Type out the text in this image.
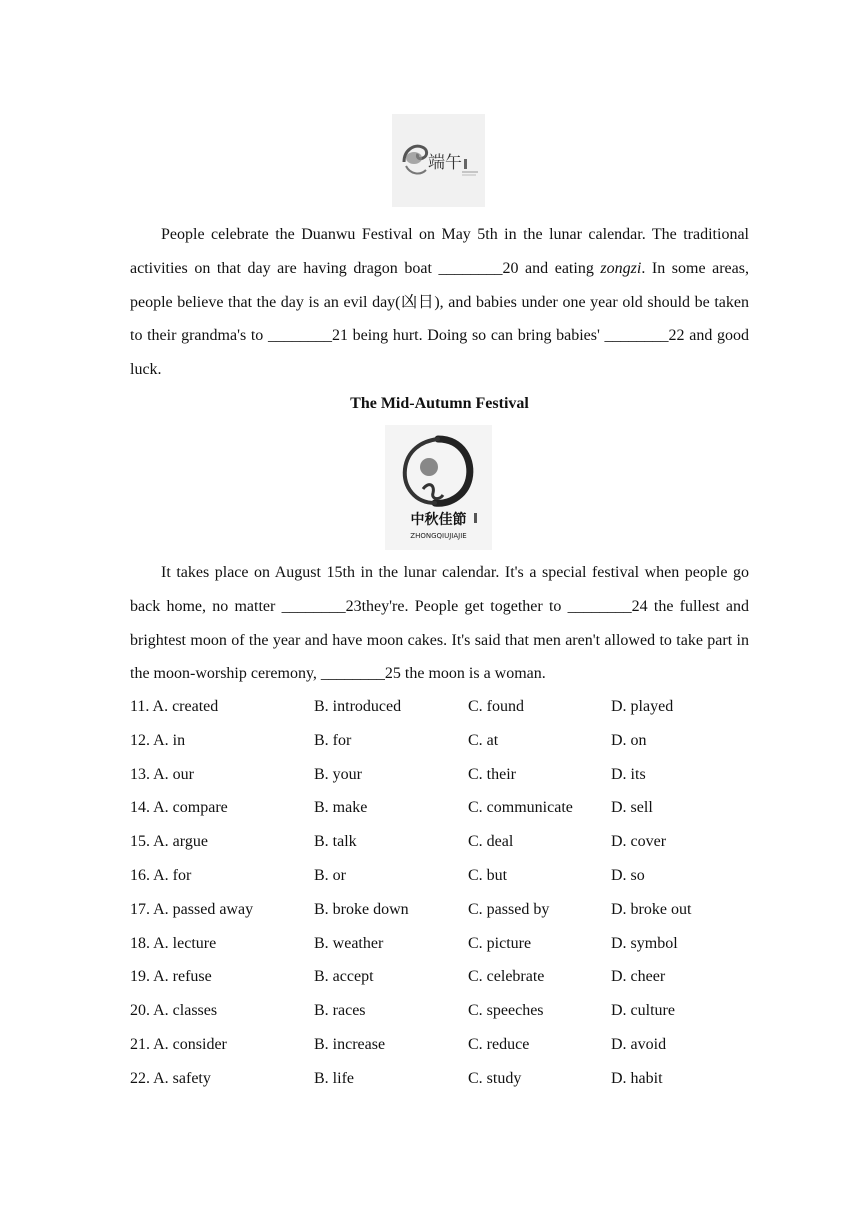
端午

People celebrate the Duanwu Festival on May 5th in the lunar calendar. The traditional activities on that day are having dragon boat ________20 and eating zongzi. In some areas, people believe that the day is an evil day(凶日), and babies under one year old should be taken to their grandma's to ________21 being hurt. Doing so can bring babies' ________22 and good luck.

The Mid-Autumn Festival

中秋佳節
ZHONGQIUJIAJIE

It takes place on August 15th in the lunar calendar. It's a special festival when people go back home, no matter ________23they're. People get together to ________24 the fullest and brightest moon of the year and have moon cakes. It's said that men aren't allowed to take part in the moon-worship ceremony, ________25 the moon is a woman.

11. A. created	B. introduced	C. found	D. played
12. A. in	B. for	C. at	D. on
13. A. our	B. your	C. their	D. its
14. A. compare	B. make	C. communicate D. sell
15. A. argue	B. talk	C. deal	D. cover
16. A. for	B. or	C. but	D. so
17. A. passed away	B. broke down	C. passed by	D. broke out
18. A. lecture	B. weather	C. picture	D. symbol
19. A. refuse	B. accept	C. celebrate	D. cheer
20. A. classes	B. races	C. speeches	D. culture
21. A. consider	B. increase	C. reduce	D. avoid
22. A. safety	B. life	C. study	D. habit
